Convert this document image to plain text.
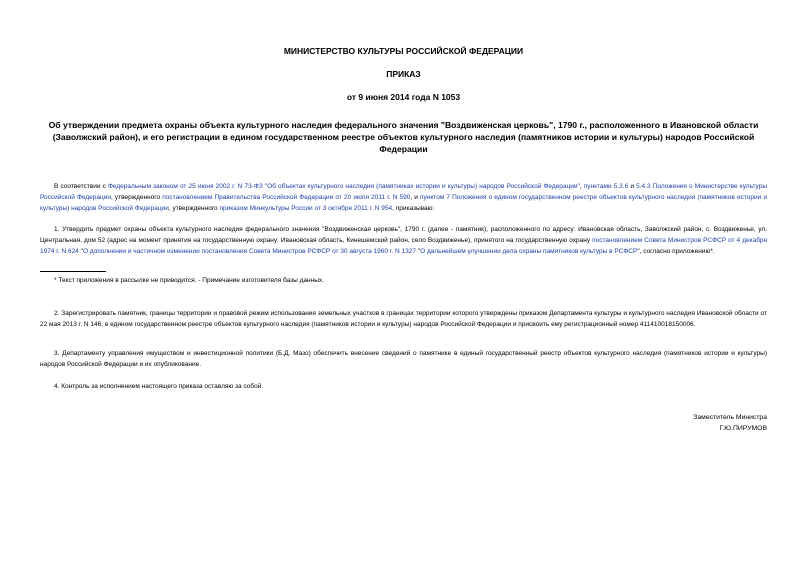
МИНИСТЕРСТВО КУЛЬТУРЫ РОССИЙСКОЙ ФЕДЕРАЦИИ
ПРИКАЗ
от 9 июня 2014 года N 1053
Об утверждении предмета охраны объекта культурного наследия федерального значения "Воздвиженская церковь", 1790 г., расположенного в Ивановской области (Заволжский район), и его регистрации в едином государственном реестре объектов культурного наследия (памятников истории и культуры) народов Российской Федерации
В соответствии с Федеральным законом от 25 июня 2002 г. N 73-ФЗ "Об объектах культурного наследия (памятниках истории и культуры) народов Российской Федерации", пунктами 5.3.6 и 5.4.3 Положения о Министерстве культуры Российской Федерации, утвержденного постановлением Правительства Российской Федерации от 20 июля 2011 г. N 590, и пунктом 7 Положения о едином государственном реестре объектов культурного наследия (памятников истории и культуры) народов Российской Федерации, утвержденного приказом Минкультуры России от 3 октября 2011 г. N 954, приказываю:
1. Утвердить предмет охраны объекта культурного наследия федерального значения "Воздвиженская церковь", 1790 г. (далее - памятник), расположенного по адресу: Ивановская область, Заволжский район, с. Воздвиженье, ул. Центральная, дом 52 (адрес на момент принятия на государственную охрану: Ивановская область, Кинешемский район, село Воздвиженье), принятого на государственную охрану постановлением Совета Министров РСФСР от 4 декабря 1974 г. N 624 "О дополнении и частичном изменении постановления Совета Министров РСФСР от 30 августа 1960 г. N 1327 "О дальнейшем улучшении дела охраны памятников культуры в РСФСР", согласно приложению*.
* Текст приложения в рассылке не приводится. - Примечание изготовителя базы данных.
2. Зарегистрировать памятник, границы территории и правовой режим использования земельных участков в границах территории которого утверждены приказом Департамента культуры и культурного наследия Ивановской области от 22 мая 2013 г. N 146, в едином государственном реестре объектов культурного наследия (памятников истории и культуры) народов Российской Федерации и присвоить ему регистрационный номер 411410018150006.
3. Департаменту управления имуществом и инвестиционной политики (Б.Д. Мазо) обеспечить внесение сведений о памятнике в единый государственный реестр объектов культурного наследия (памятников истории и культуры) народов Российской Федерации и их опубликование.
4. Контроль за исполнением настоящего приказа оставляю за собой.
Заместитель Министра
Г.Ю.ПИРУМОВ
